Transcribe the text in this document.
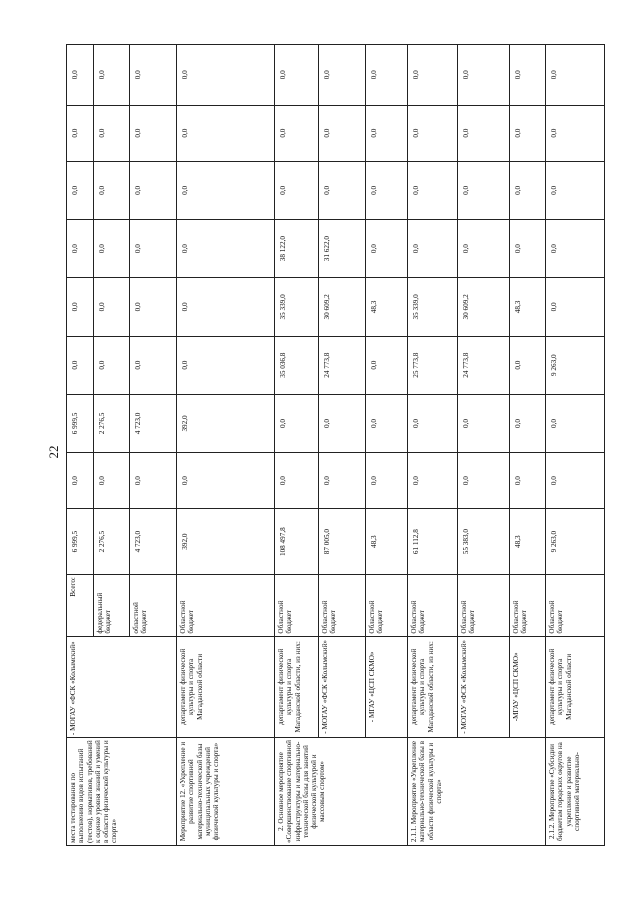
22
места тестирования по выполнению видов испытаний (тестов), нормативов, требований к оценке уровня знаний и умений в области физической культуры и спорта»	- МОГАУ «ФСК «Колымский»	Всего:	6 999,5	0,0	6 999,5	0,0	0,0	0,0	0,0	0,0	0,0
		федеральный бюджет	2 276,5	0,0	2 276,5	0,0	0,0	0,0	0,0	0,0	0,0
		областной бюджет	4 723,0	0,0	4 723,0	0,0	0,0	0,0	0,0	0,0	0,0
Мероприятие 12. «Укрепление и развитие спортивной материально-технической базы муниципальных учреждений физической культуры и спорта»	департамент физической культуры и спорта Магаданской области	Областной бюджет	392,0	0,0	392,0	0,0	0,0	0,0	0,0	0,0	0,0
2. Основное мероприятие «Совершенствование спортивной инфраструктуры и материально-технической базы для занятий физической культурой и массовым спортом»	департамент физической культуры и спорта Магаданской области, из них:	Областной бюджет	108 497,8	0,0	0,0	35 036,8	35 339,0	38 122,0	0,0	0,0	0,0
	- МОГАУ «ФСК «Колымский»	Областной бюджет	87 005,0	0,0	0,0	24 773,8	30 609,2	31 622,0	0,0	0,0	0,0
	- МГАУ «ЦСП СКМО»	Областной бюджет	48,3	0,0	0,0	0,0	48,3	0,0	0,0	0,0	0,0
2.1.1. Мероприятие «Укрепление материально-технической базы в области физической культуры и спорта»	департамент физической культуры и спорта Магаданской области, из них:	Областной бюджет	61 112,8	0,0	0,0	25 773,8	35 339,0	0,0	0,0	0,0	0,0
	- МОГАУ «ФСК «Колымский»	Областной бюджет	55 383,0	0,0	0,0	24 773,8	30 609,2	0,0	0,0	0,0	0,0
	-МГАУ «ЦСП СКМО»	Областной бюджет	48,3	0,0	0,0	0,0	48,3	0,0	0,0	0,0	0,0
2.1.2. Мероприятие «Субсидии бюджетам городских округов на укрепление и развитие спортивной материально-	департамент физической культуры и спорта Магаданской области	Областной бюджет	9 263,0	0,0	0,0	9 263,0	0,0	0,0	0,0	0,0	0,0
